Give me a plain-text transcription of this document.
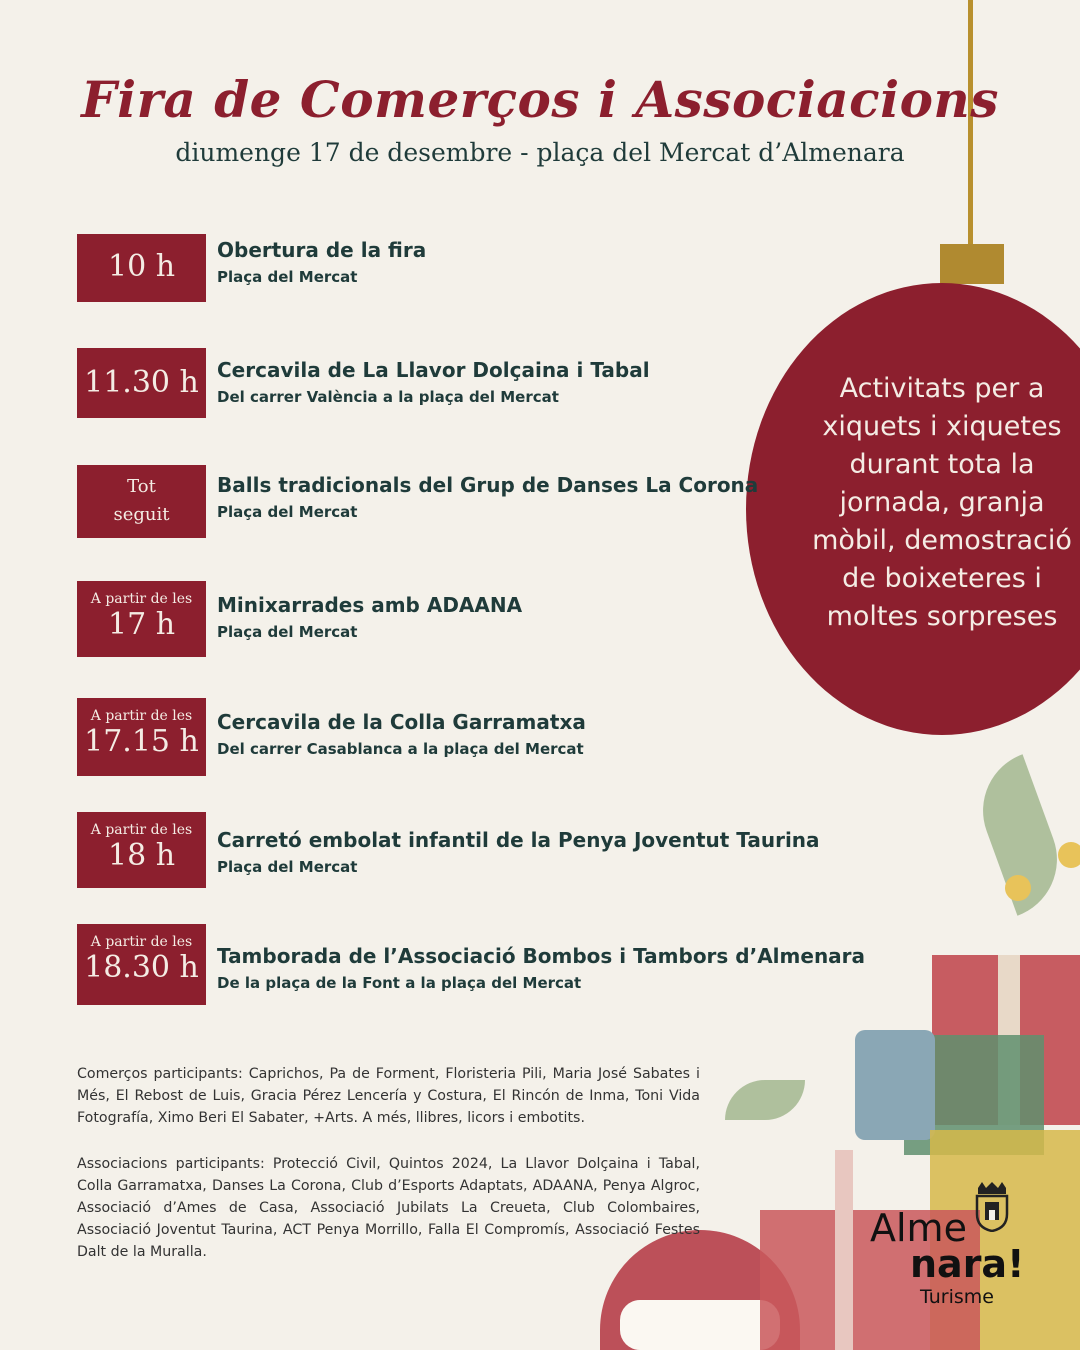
Activitats per a xiquets i xiquetes durant tota la jornada, granja mòbil, demostració de boixeteres i moltes sorpreses
Fira de Comerços i Associacions
diumenge 17 de desembre - plaça del Mercat d’Almenara
10 h	Obertura de la fira
Plaça del Mercat
11.30 h Cercavila de La Llavor Dolçaina i Tabal
Del carrer València a la plaça del Mercat
Tot
seguit
Balls tradicionals del Grup de Danses La Corona
Plaça del Mercat
A partir de les
17 h
Minixarrades amb ADAANA
Plaça del Mercat
A partir de les
17.15 h
Cercavila de la Colla Garramatxa
Del carrer Casablanca a la plaça del Mercat
A partir de les
18 h	Carretó embolat infantil de la Penya Joventut Taurina
Plaça del Mercat
A partir de les
18.30 h Tamborada de l’Associació Bombos i Tambors d’Almenara
De la plaça de la Font a la plaça del Mercat

Comerços participants: Caprichos, Pa de Forment, Floristeria Pili, Maria José Sabates i Més, El Rebost de Luis, Gracia Pérez Lencería y Costura, El Rincón de Inma, Toni Vida Fotografía, Ximo Beri El Sabater, +Arts. A més, llibres, licors i embotits.

Associacions participants: Protecció Civil, Quintos 2024, La Llavor Dolçaina i Tabal, Colla Garramatxa, Danses La Corona, Club d’Esports Adaptats, ADAANA, Penya Algroc, Associació d’Ames de Casa, Associació Jubilats La Creueta, Club Colombaires, Associació Joventut Taurina, ACT Penya Morrillo, Falla El Compromís, Associació Festes Dalt de la Muralla.

Alme
nara!
Turisme
